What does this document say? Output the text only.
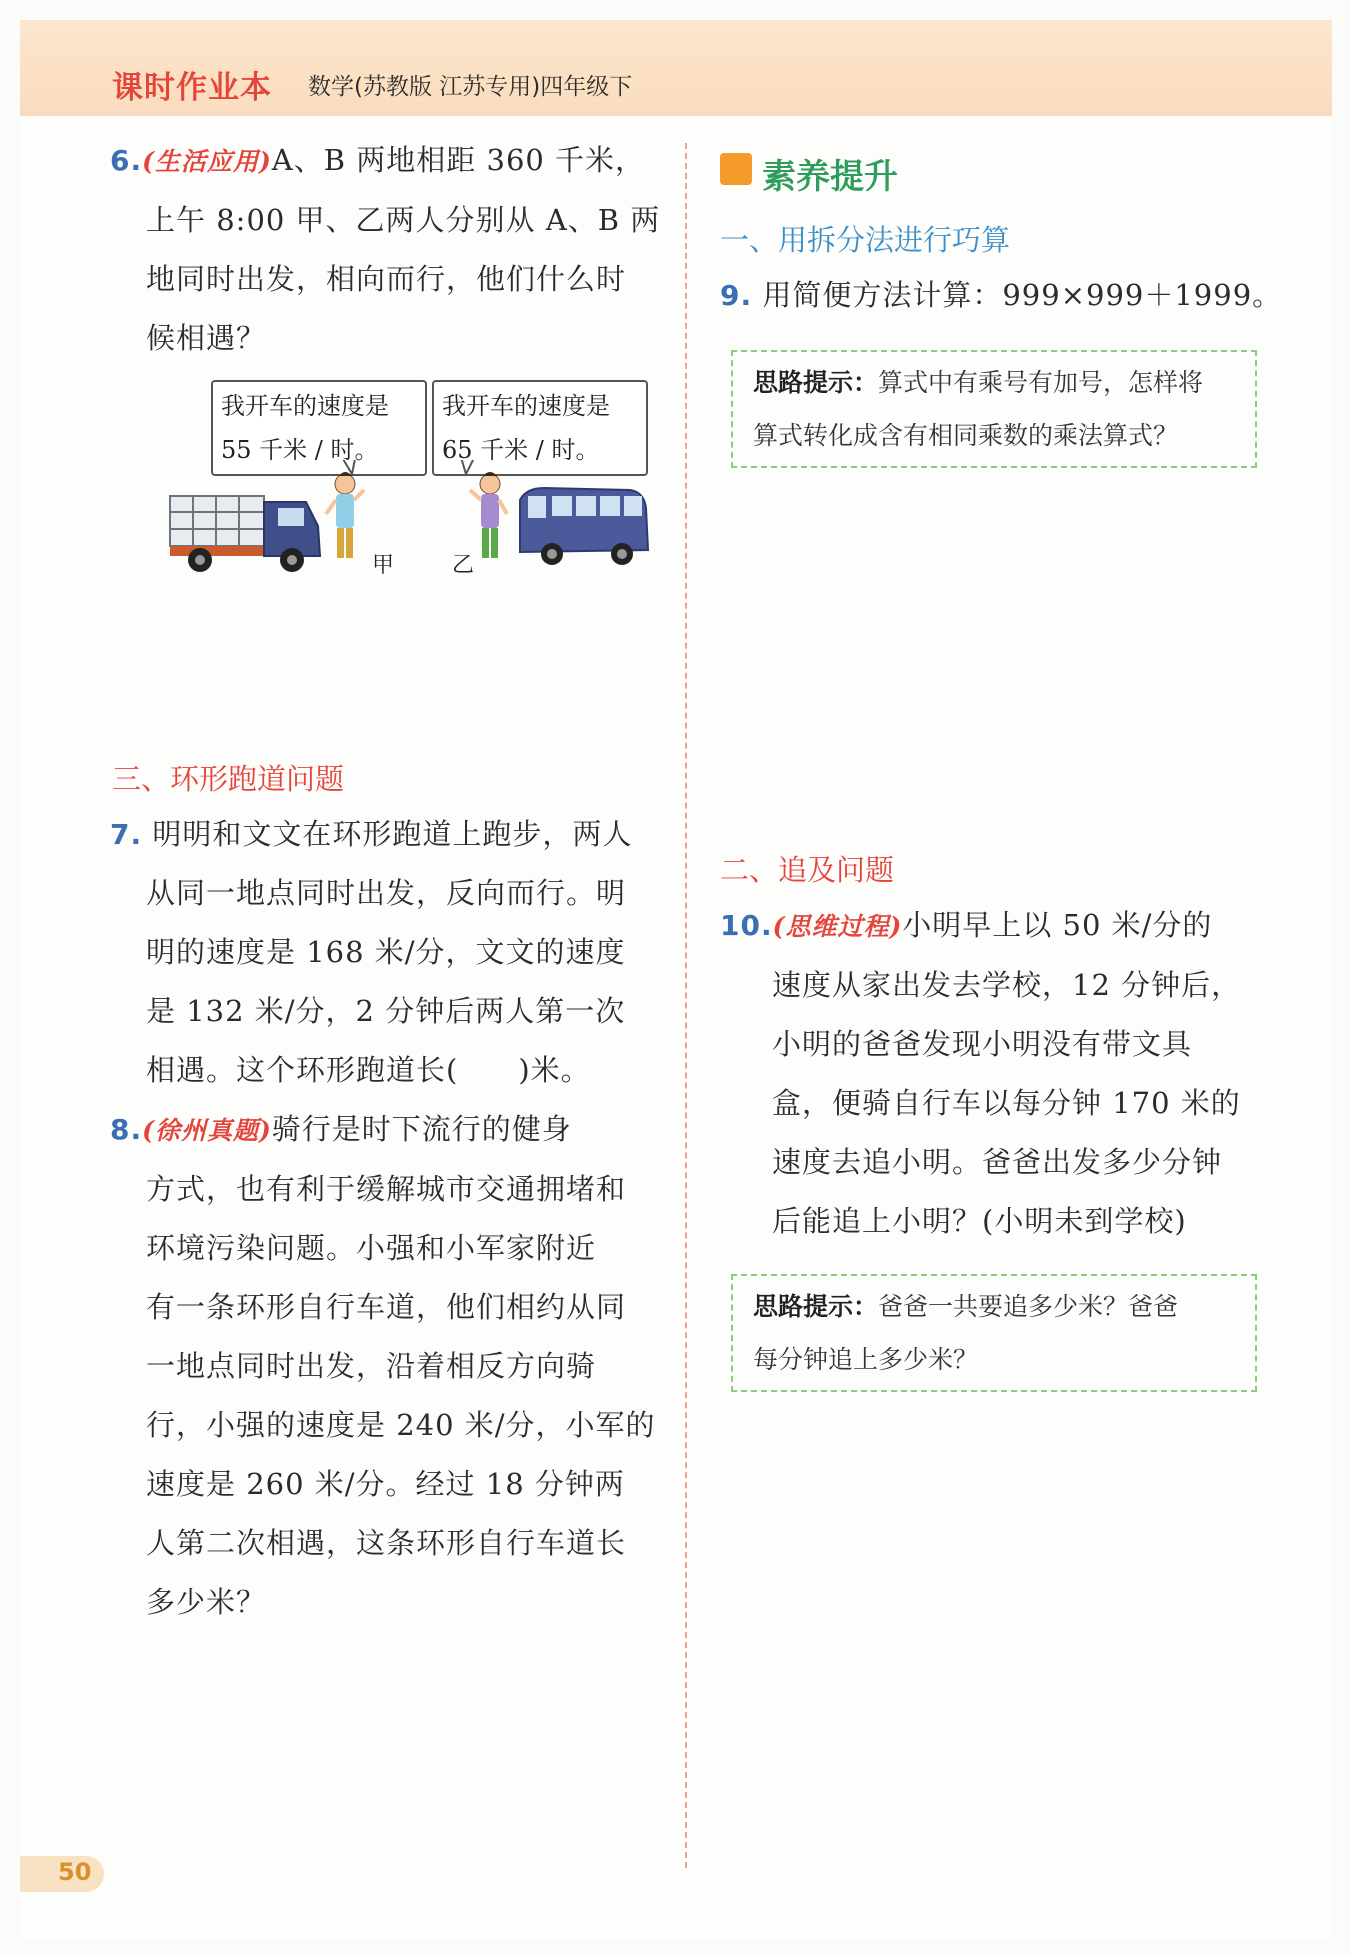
课时作业本 数学(苏教版 江苏专用)四年级下
6.(生活应用)A、B 两地相距 360 千米，
上午 8:00 甲、乙两人分别从 A、B 两
地同时出发，相向而行，他们什么时
候相遇？
我开车的速度是
55 千米 / 时。
我开车的速度是
65 千米 / 时。
甲	乙
三、环形跑道问题
7. 明明和文文在环形跑道上跑步，两人
从同一地点同时出发，反向而行。明
明的速度是 168 米/分，文文的速度
是 132 米/分，2 分钟后两人第一次
相遇。这个环形跑道长(　　)米。
8.(徐州真题)骑行是时下流行的健身
方式，也有利于缓解城市交通拥堵和
环境污染问题。小强和小军家附近
有一条环形自行车道，他们相约从同
一地点同时出发，沿着相反方向骑
行，小强的速度是 240 米/分，小军的
速度是 260 米/分。经过 18 分钟两
人第二次相遇，这条环形自行车道长
多少米？
素养提升
一、用拆分法进行巧算
9. 用简便方法计算：999×999＋1999。
思路提示：算式中有乘号有加号，怎样将
算式转化成含有相同乘数的乘法算式？
二、追及问题
10.(思维过程)小明早上以 50 米/分的
速度从家出发去学校，12 分钟后，
小明的爸爸发现小明没有带文具
盒，便骑自行车以每分钟 170 米的
速度去追小明。爸爸出发多少分钟
后能追上小明？(小明未到学校)
思路提示：爸爸一共要追多少米？爸爸
每分钟追上多少米？
50
